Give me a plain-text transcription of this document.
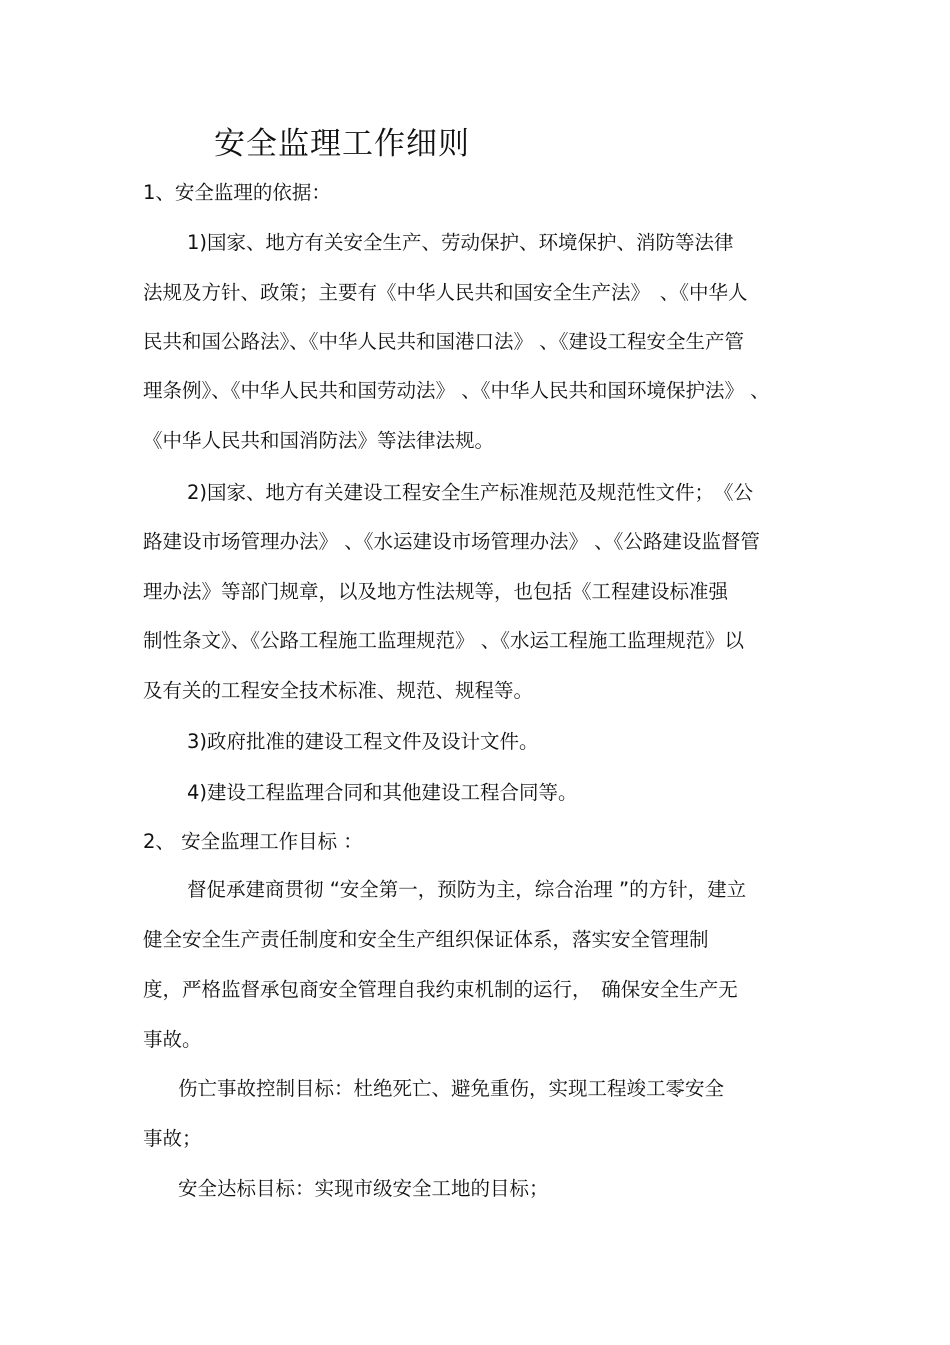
安全监理工作细则
1、安全监理的依据：
1)国家、地方有关安全生产、劳动保护、环境保护、消防等法律
法规及方针、政策；主要有《中华人民共和国安全生产法》　、《中华人
民共和国公路法》、《中华人民共和国港口法》 、《建设工程安全生产管
理条例》、《中华人民共和国劳动法》 、《中华人民共和国环境保护法》 、
《中华人民共和国消防法》等法律法规。
2)国家、地方有关建设工程安全生产标准规范及规范性文件；　《公
路建设市场管理办法》 、《水运建设市场管理办法》 、《公路建设监督管
理办法》等部门规章，以及地方性法规等，也包括《工程建设标准强
制性条文》、《公路工程施工监理规范》 、《水运工程施工监理规范》以
及有关的工程安全技术标准、规范、规程等。
3)政府批准的建设工程文件及设计文件。
4)建设工程监理合同和其他建设工程合同等。
2、 安全监理工作目标 ：
督促承建商贯彻 “安全第一，预防为主，综合治理 ”的方针，建立
健全安全生产责任制度和安全生产组织保证体系，落实安全管理制
度，严格监督承包商安全管理自我约束机制的运行，　确保安全生产无
事故。
伤亡事故控制目标：杜绝死亡、避免重伤，实现工程竣工零安全
事故；
安全达标目标：实现市级安全工地的目标；
